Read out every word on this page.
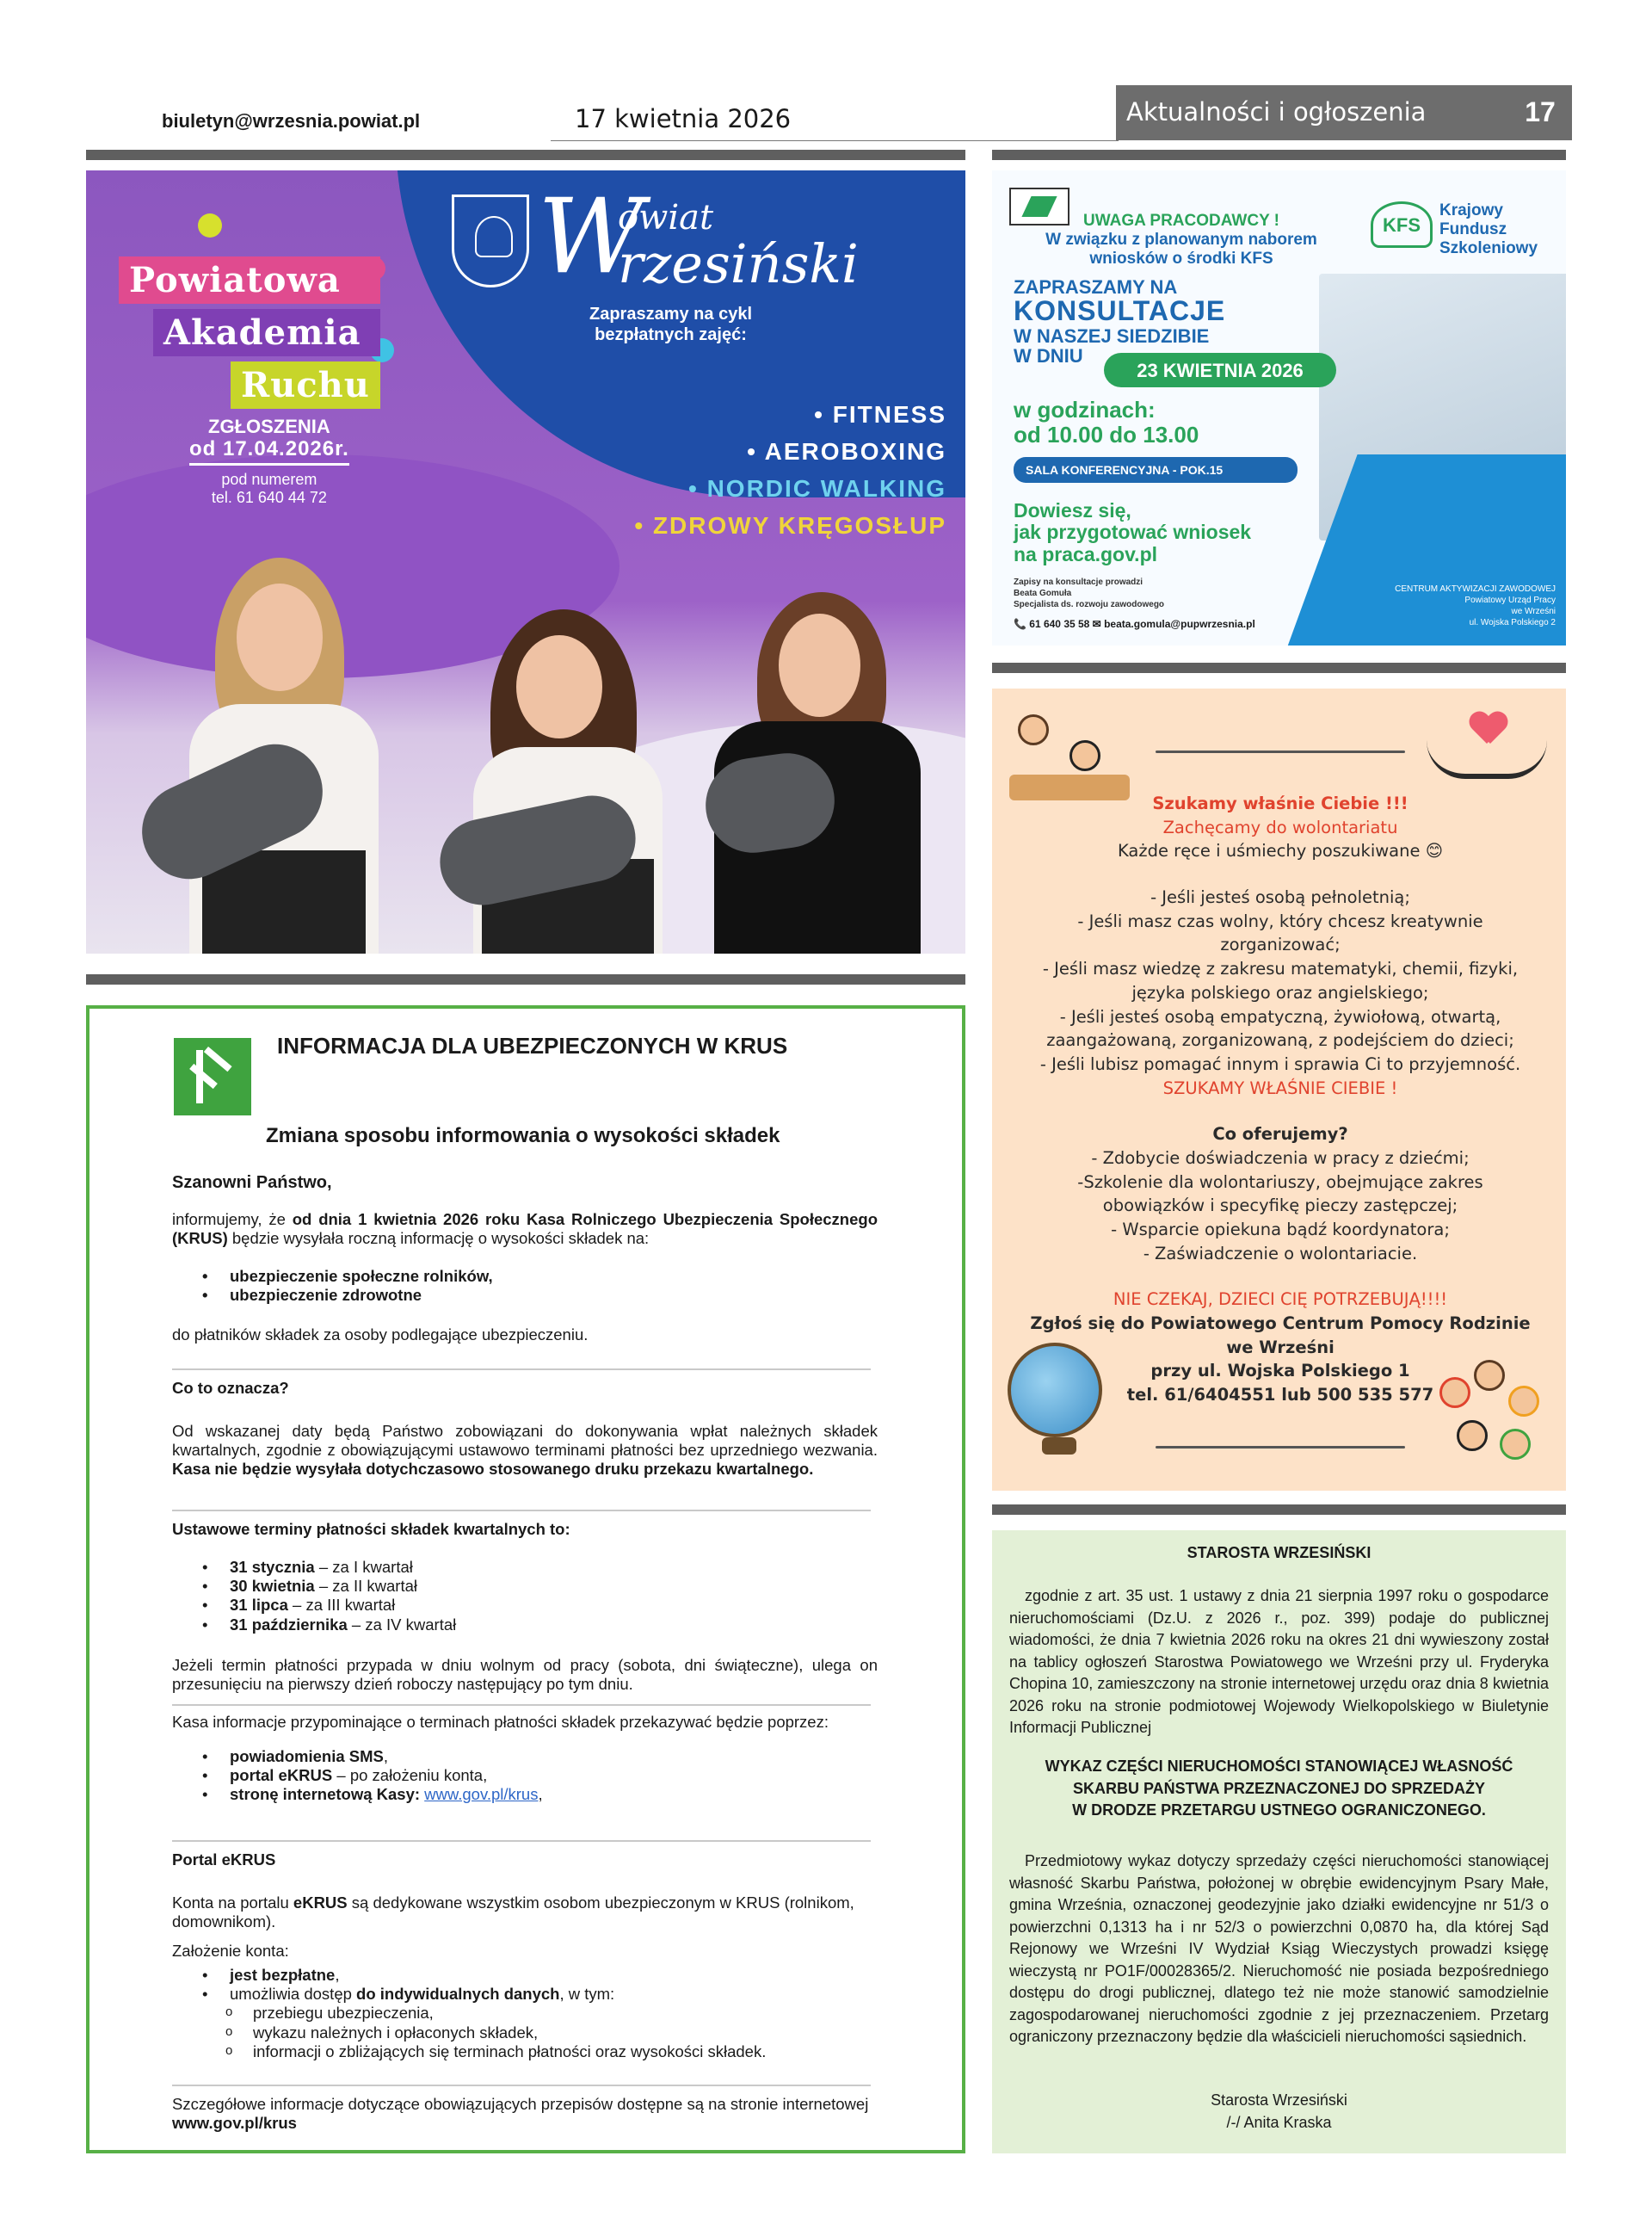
biuletyn@wrzesnia.powiat.pl	17 kwietnia 2026	Aktualności i ogłoszenia	17
Powiatowa
Akademia
Ruchu
ZGŁOSZENIA
od 17.04.2026r.
pod numerem
tel. 61 640 44 72
W
owiat
rzesiński
Zapraszamy na cykl
bezpłatnych zajęć:
• FITNESS
• AEROBOXING
• NORDIC WALKING
• ZDROWY KRĘGOSŁUP
KFS
Krajowy
Fundusz
Szkoleniowy
UWAGA PRACODAWCY !
W związku z planowanym naborem
wniosków o środki KFS
ZAPRASZAMY NA
KONSULTACJE
W NASZEJ SIEDZIBIE
W DNIU
23 KWIETNIA 2026
w godzinach:
od 10.00 do 13.00
SALA KONFERENCYJNA - POK.15
Dowiesz się,
jak przygotować wniosek
na praca.gov.pl
Zapisy na konsultacje prowadzi
Beata Gomuła
Specjalista ds. rozwoju zawodowego
📞 61 640 35 58 ✉ beata.gomula@pupwrzesnia.pl
CENTRUM AKTYWIZACJI ZAWODOWEJ
Powiatowy Urząd Pracy
we Wrześni
ul. Wojska Polskiego 2
Szukamy właśnie Ciebie !!!
Zachęcamy do wolontariatu
Każde ręce i uśmiechy poszukiwane 😊
- Jeśli jesteś osobą pełnoletnią;
- Jeśli masz czas wolny, który chcesz kreatywnie zorganizować;
- Jeśli masz wiedzę z zakresu matematyki, chemii, fizyki, języka polskiego oraz angielskiego;
- Jeśli jesteś osobą empatyczną, żywiołową, otwartą, zaangażowaną, zorganizowaną, z podejściem do dzieci;
- Jeśli lubisz pomagać innym i sprawia Ci to przyjemność.
SZUKAMY WŁAŚNIE CIEBIE !
Co oferujemy?
- Zdobycie doświadczenia w pracy z dziećmi;
-Szkolenie dla wolontariuszy, obejmujące zakres obowiązków i specyfikę pieczy zastępczej;
- Wsparcie opiekuna bądź koordynatora;
- Zaświadczenie o wolontariacie.
NIE CZEKAJ, DZIECI CIĘ POTRZEBUJĄ!!!!
Zgłoś się do Powiatowego Centrum Pomocy Rodzinie
we Wrześni
przy ul. Wojska Polskiego 1
tel. 61/6404551 lub 500 535 577
INFORMACJA DLA UBEZPIECZONYCH W KRUS
Zmiana sposobu informowania o wysokości składek
Szanowni Państwo,
informujemy, że od dnia 1 kwietnia 2026 roku Kasa Rolniczego Ubezpieczenia Społecznego (KRUS) będzie wysyłała roczną informację o wysokości składek na:
• ubezpieczenie społeczne rolników,
• ubezpieczenie zdrowotne
do płatników składek za osoby podlegające ubezpieczeniu.
Co to oznacza?
Od wskazanej daty będą Państwo zobowiązani do dokonywania wpłat należnych składek kwartalnych, zgodnie z obowiązującymi ustawowo terminami płatności bez uprzedniego wezwania. Kasa nie będzie wysyłała dotychczasowo stosowanego druku przekazu kwartalnego.
Ustawowe terminy płatności składek kwartalnych to:
• 31 stycznia – za I kwartał
• 30 kwietnia – za II kwartał
• 31 lipca – za III kwartał
• 31 października – za IV kwartał
Jeżeli termin płatności przypada w dniu wolnym od pracy (sobota, dni świąteczne), ulega on przesunięciu na pierwszy dzień roboczy następujący po tym dniu.
Kasa informacje przypominające o terminach płatności składek przekazywać będzie poprzez:
• powiadomienia SMS,
• portal eKRUS – po założeniu konta,
• stronę internetową Kasy: www.gov.pl/krus,
Portal eKRUS
Konta na portalu eKRUS są dedykowane wszystkim osobom ubezpieczonym w KRUS (rolnikom, domownikom).
Założenie konta:
• jest bezpłatne,
• umożliwia dostęp do indywidualnych danych, w tym:
o przebiegu ubezpieczenia,
o wykazu należnych i opłaconych składek,
o informacji o zbliżających się terminach płatności oraz wysokości składek.
Szczegółowe informacje dotyczące obowiązujących przepisów dostępne są na stronie internetowej www.gov.pl/krus
STAROSTA WRZESIŃSKI
zgodnie z art. 35 ust. 1 ustawy z dnia 21 sierpnia 1997 roku o gospodarce nieruchomościami (Dz.U. z 2026 r., poz. 399) podaje do publicznej wiadomości, że dnia 7 kwietnia 2026 roku na okres 21 dni wywieszony został na tablicy ogłoszeń Starostwa Powiatowego we Wrześni przy ul. Fryderyka Chopina 10, zamieszczony na stronie internetowej urzędu oraz dnia 8 kwietnia 2026 roku na stronie podmiotowej Wojewody Wielkopolskiego w Biuletynie Informacji Publicznej
WYKAZ CZĘŚCI NIERUCHOMOŚCI STANOWIĄCEJ WŁASNOŚĆ
SKARBU PAŃSTWA PRZEZNACZONEJ DO SPRZEDAŻY
W DRODZE PRZETARGU USTNEGO OGRANICZONEGO.
Przedmiotowy wykaz dotyczy sprzedaży części nieruchomości stanowiącej własność Skarbu Państwa, położonej w obrębie ewidencyjnym Psary Małe, gmina Września, oznaczonej geodezyjnie jako działki ewidencyjne nr 51/3 o powierzchni 0,1313 ha i nr 52/3 o powierzchni 0,0870 ha, dla której Sąd Rejonowy we Wrześni IV Wydział Ksiąg Wieczystych prowadzi księgę wieczystą nr PO1F/00028365/2. Nieruchomość nie posiada bezpośredniego dostępu do drogi publicznej, dlatego też nie może stanowić samodzielnie zagospodarowanej nieruchomości zgodnie z jej przeznaczeniem. Przetarg ograniczony przeznaczony będzie dla właścicieli nieruchomości sąsiednich.
Starosta Wrzesiński
/-/ Anita Kraska
